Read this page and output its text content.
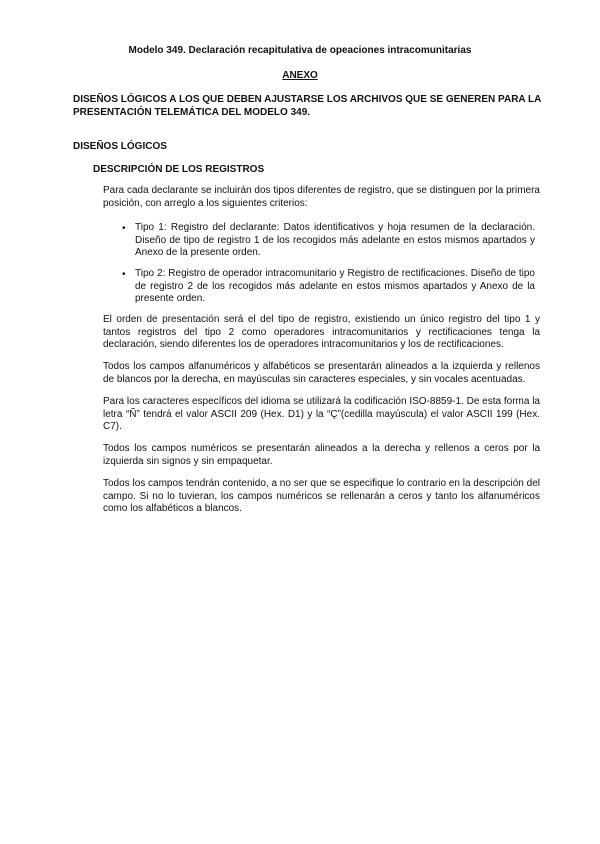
Modelo 349. Declaración recapitulativa de opeaciones intracomunitarias
ANEXO
DISEÑOS LÓGICOS A LOS QUE DEBEN AJUSTARSE LOS ARCHIVOS QUE SE GENEREN PARA LA PRESENTACIÓN TELEMÁTICA DEL MODELO 349.
DISEÑOS LÓGICOS
DESCRIPCIÓN DE LOS REGISTROS
Para cada declarante se incluirán dos tipos diferentes de registro, que se distinguen por la primera posición, con arreglo a los siguientes criterios:
• Tipo 1: Registro del declarante: Datos identificativos y hoja resumen de la declaración. Diseño de tipo de registro 1 de los recogidos más adelante en estos mismos apartados y Anexo de la presente orden.
• Tipo 2: Registro de operador intracomunitario y Registro de rectificaciones. Diseño de tipo de registro 2 de los recogidos más adelante en estos mismos apartados y Anexo de la presente orden.
El orden de presentación será el del tipo de registro, existiendo un único registro del tipo 1 y tantos registros del tipo 2 como operadores intracomunitarios y rectificaciones tenga la declaración, siendo diferentes los de operadores intracomunitarios y los de rectificaciones.
Todos los campos alfanuméricos y alfabéticos se presentarán alineados a la izquierda y rellenos de blancos por la derecha, en mayúsculas sin caracteres especiales, y sin vocales acentuadas.
Para los caracteres específicos del idioma se utilizará la codificación ISO-8859-1. De esta forma la letra “Ñ” tendrá el valor ASCII 209 (Hex. D1) y la “Ç”(cedilla mayúscula) el valor ASCII 199 (Hex. C7).
Todos los campos numéricos se presentarán alineados a la derecha y rellenos a ceros por la izquierda sin signos y sin empaquetar.
Todos los campos tendrán contenido, a no ser que se especifique lo contrario en la descripción del campo. Si no lo tuvieran, los campos numéricos se rellenarán a ceros y tanto los alfanuméricos como los alfabéticos a blancos.
